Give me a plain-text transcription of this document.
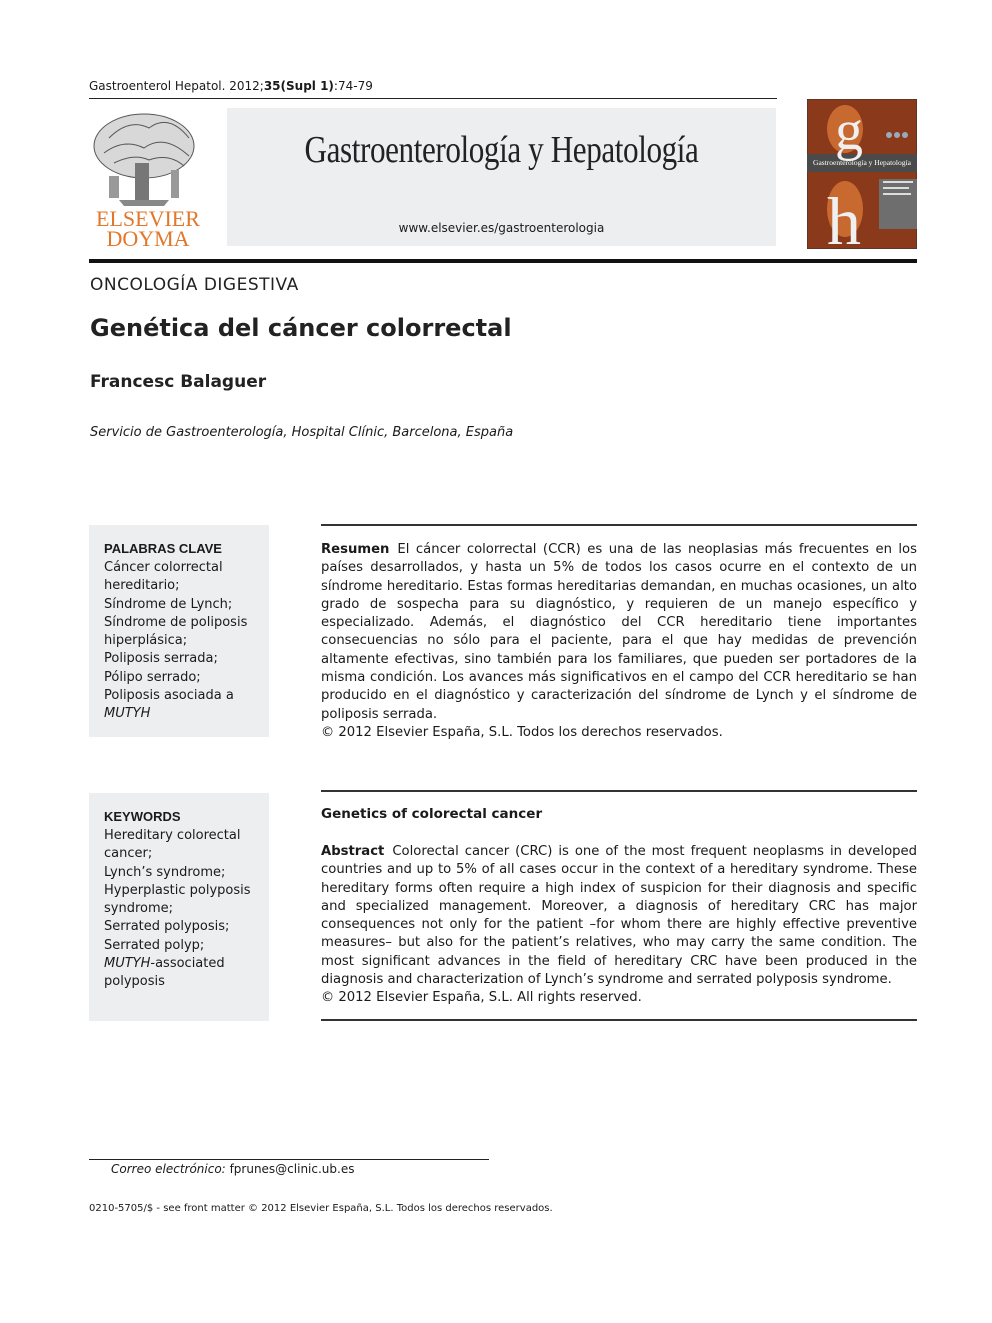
Gastroenterol Hepatol. 2012;35(Supl 1):74-79
ELSEVIER
DOYMA
Gastroenterología y Hepatología
www.elsevier.es/gastroenterologia
g
h
Gastroenterología y Hepatología
ONCOLOGÍA DIGESTIVA
Genética del cáncer colorrectal
Francesc Balaguer
Servicio de Gastroenterología, Hospital Clínic, Barcelona, España
PALABRAS CLAVE
Cáncer colorrectal
hereditario;
Síndrome de Lynch;
Síndrome de poliposis
hiperplásica;
Poliposis serrada;
Pólipo serrado;
Poliposis asociada a
MUTYH
Resumen El cáncer colorrectal (CCR) es una de las neoplasias más frecuentes en los países desarrollados, y hasta un 5% de todos los casos ocurre en el contexto de un síndrome hereditario. Estas formas hereditarias demandan, en muchas ocasiones, un alto grado de sospecha para su diagnóstico, y requieren de un manejo específico y especializado. Además, el diagnóstico del CCR hereditario tiene importantes consecuencias no sólo para el paciente, para el que hay medidas de prevención altamente efectivas, sino también para los familiares, que pueden ser portadores de la misma condición. Los avances más significativos en el campo del CCR hereditario se han producido en el diagnóstico y caracterización del síndrome de Lynch y el síndrome de poliposis serrada.
© 2012 Elsevier España, S.L. Todos los derechos reservados.
KEYWORDS
Hereditary colorectal
cancer;
Lynch’s syndrome;
Hyperplastic polyposis
syndrome;
Serrated polyposis;
Serrated polyp;
MUTYH-associated
polyposis
Genetics of colorectal cancer
Abstract Colorectal cancer (CRC) is one of the most frequent neoplasms in developed countries and up to 5% of all cases occur in the context of a hereditary syndrome. These hereditary forms often require a high index of suspicion for their diagnosis and specific and specialized management. Moreover, a diagnosis of hereditary CRC has major consequences not only for the patient –for whom there are highly effective preventive measures– but also for the patient’s relatives, who may carry the same condition. The most significant advances in the field of hereditary CRC have been produced in the diagnosis and characterization of Lynch’s syndrome and serrated polyposis syndrome.
© 2012 Elsevier España, S.L. All rights reserved.
Correo electrónico: fprunes@clinic.ub.es
0210-5705/$ - see front matter © 2012 Elsevier España, S.L. Todos los derechos reservados.
